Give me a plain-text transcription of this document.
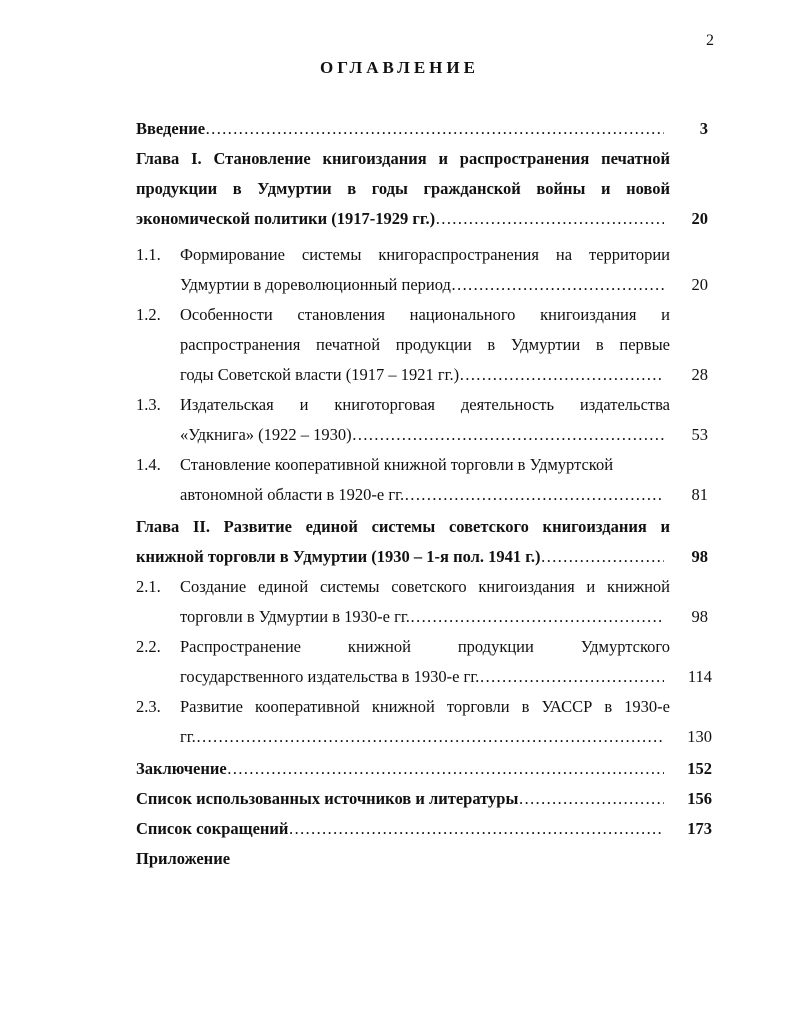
2
ОГЛАВЛЕНИЕ
Введение …………………………………………………………………………………………………………………………………………………………………………	3
Глава I. Становление книгоиздания и распространения печатной
продукции в Удмуртии в годы гражданской войны и новой
экономической политики (1917-1929 гг.) …………………………………………………………………………………………………………………………………………………………………………	20
1.1. Формирование системы книгораспространения на территории
Удмуртии в дореволюционный период …………………………………………………………………………………………………………………………………………………………………………	20
1.2. Особенности становления национального книгоиздания и
распространения печатной продукции в Удмуртии в первые
годы Советской власти (1917 – 1921 гг.) …………………………………………………………………………………………………………………………………………………………………………	28
1.3. Издательская и книготорговая деятельность издательства
«Удкнига» (1922 – 1930) …………………………………………………………………………………………………………………………………………………………………………	53
1.4. Становление кооперативной книжной торговли в Удмуртской
автономной области в 1920-е гг. …………………………………………………………………………………………………………………………………………………………………………	81
Глава II. Развитие единой системы советского книгоиздания и
книжной торговли в Удмуртии (1930 – 1-я пол. 1941 г.) …………………………………………………………………………………………………………………………………………………………………………	98
2.1. Создание единой системы советского книгоиздания и книжной
торговли в Удмуртии в 1930-е гг. …………………………………………………………………………………………………………………………………………………………………………	98
2.2. Распространение книжной продукции Удмуртского
государственного издательства в 1930-е гг. …………………………………………………………………………………………………………………………………………………………………………	114
2.3. Развитие кооперативной книжной торговли в УАССР в 1930-е
гг. …………………………………………………………………………………………………………………………………………………………………………	130
Заключение …………………………………………………………………………………………………………………………………………………………………………	152
Список использованных источников и литературы …………………………………………………………………………………………………………………………………………………………………………	156
Список сокращений …………………………………………………………………………………………………………………………………………………………………………	173
Приложение
